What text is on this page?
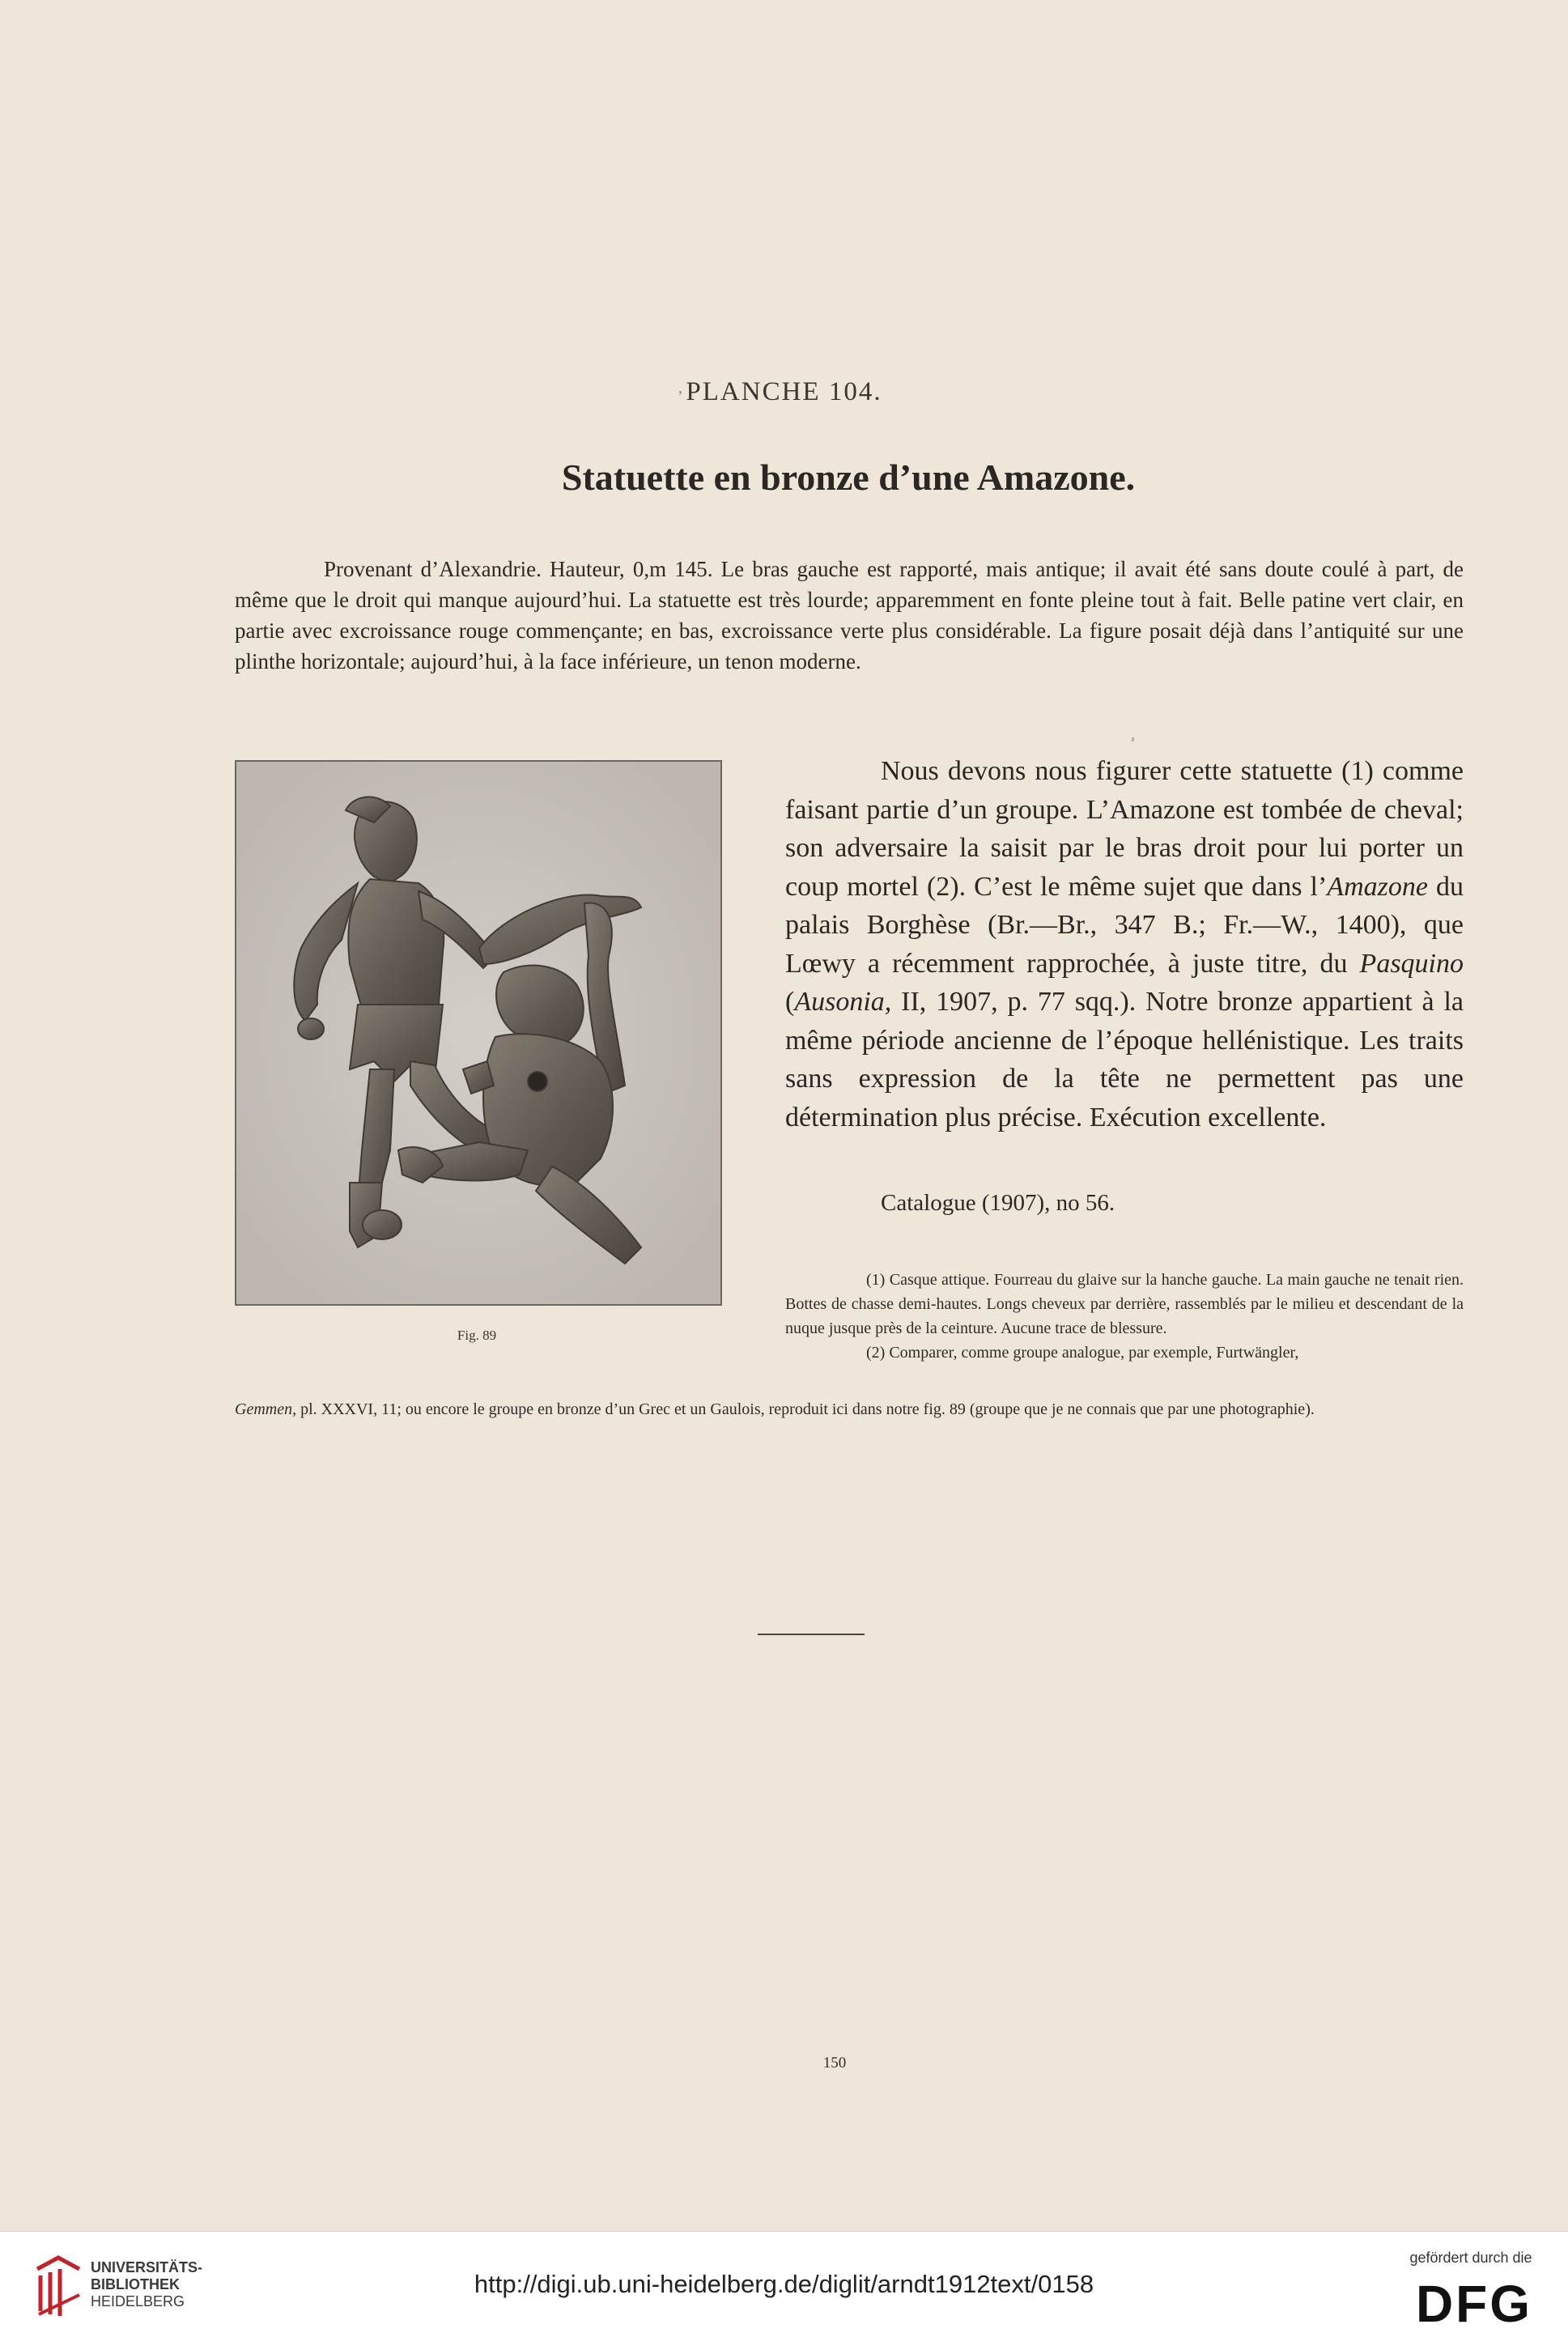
, PLANCHE 104.
Statuette en bronze d’une Amazone.

Provenant d’Alexandrie. Hauteur, 0,m 145. Le bras gauche est rapporté, mais antique; il avait été sans doute coulé à part, de même que le droit qui manque aujourd’hui. La statuette est très lourde; apparemment en fonte pleine tout à fait. Belle patine vert clair, en partie avec excroissance rouge commençante; en bas, excroissance verte plus considérable. La figure posait déjà dans l’antiquité sur une plinthe horizontale; aujourd’hui, à la face inférieure, un tenon moderne.

Fig. 89

Nous devons nous figurer cette statuette (1) comme faisant partie d’un groupe. L’Amazone est tombée de cheval; son adversaire la saisit par le bras droit pour lui porter un coup mortel (2). C’est le même sujet que dans l’Amazone du palais Borghèse (Br.—Br., 347 B.; Fr.—W., 1400), que Lœwy a récemment rapprochée, à juste titre, du Pasquino (Ausonia, II, 1907, p. 77 sqq.). Notre bronze appartient à la même période ancienne de l’époque hellénistique. Les traits sans expression de la tête ne permettent pas une détermination plus précise. Exécution excellente.

Catalogue (1907), no 56.

(1) Casque attique. Fourreau du glaive sur la hanche gauche. La main gauche ne tenait rien. Bottes de chasse demi-hautes. Longs cheveux par derrière, rassemblés par le milieu et descendant de la nuque jusque près de la ceinture. Aucune trace de blessure.

(2) Comparer, comme groupe analogue, par exemple, Furtwängler,

Gemmen, pl. XXXVI, 11; ou encore le groupe en bronze d’un Grec et un Gaulois, reproduit ici dans notre fig. 89 (groupe que je ne connais que par une photographie).

150
UNIVERSITÄTS-
BIBLIOTHEK
HEIDELBERG
http://digi.ub.uni-heidelberg.de/diglit/arndt1912text/0158
gefördert durch die
DFG
